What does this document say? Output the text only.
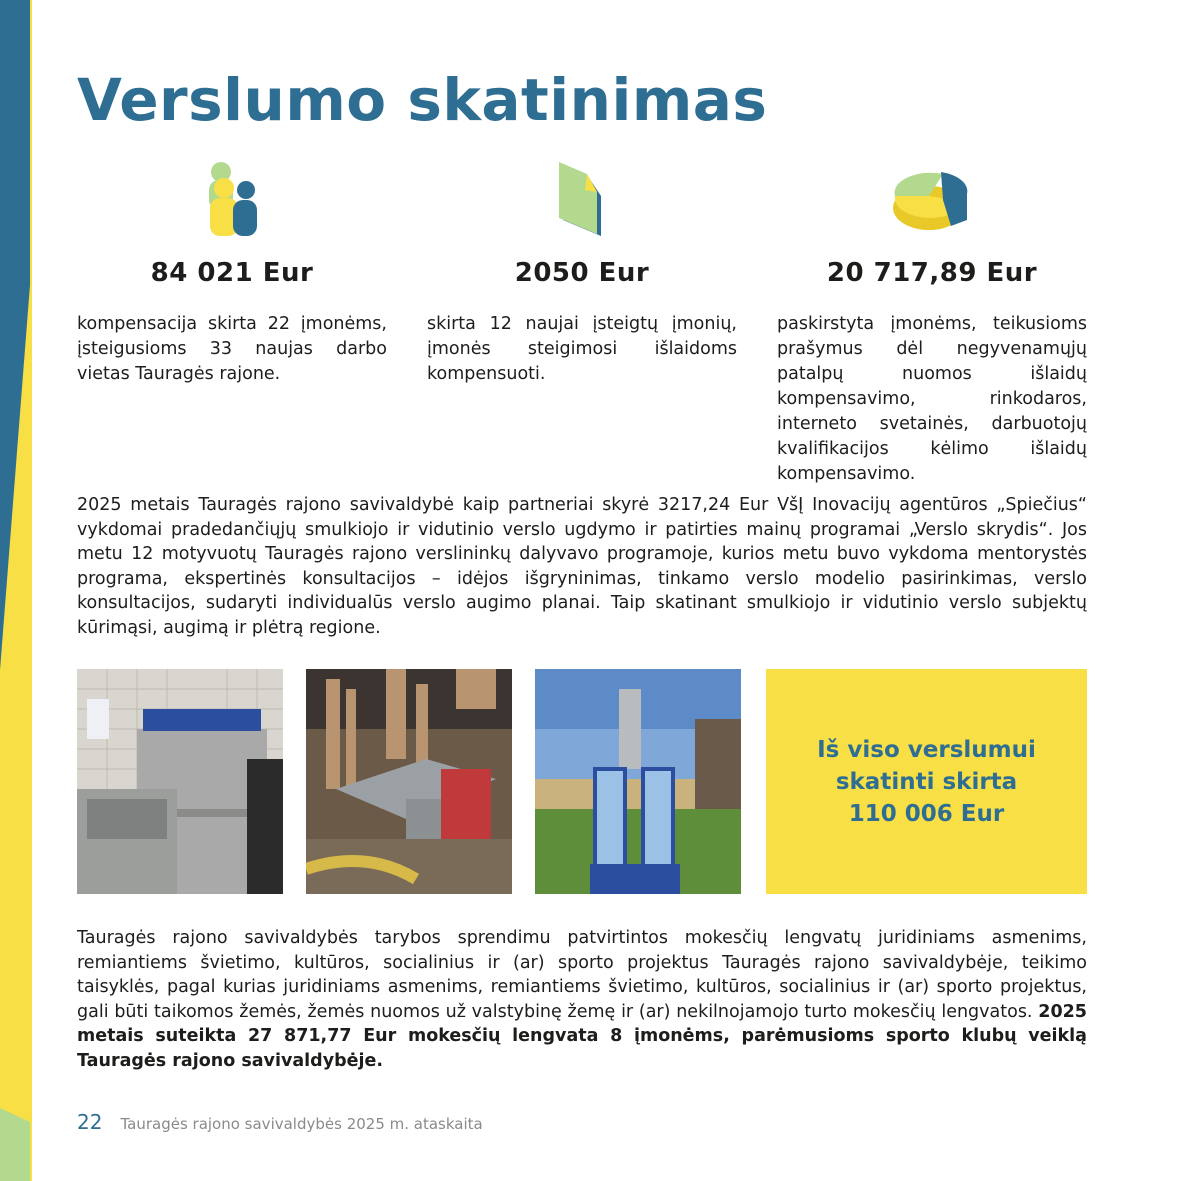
Verslumo skatinimas
84 021 Eur
kompensacija skirta 22 įmonėms, įsteigusioms 33 naujas darbo vietas Tauragės rajone.
2050 Eur
skirta 12 naujai įsteigtų įmonių, įmonės steigimosi išlaidoms kompensuoti.
20 717,89 Eur
paskirstyta įmonėms, teikusioms prašymus dėl negyvenamųjų patalpų nuomos išlaidų kompensavimo, rinkodaros, interneto svetainės, darbuotojų kvalifikacijos kėlimo išlaidų kompensavimo.

2025 metais Tauragės rajono savivaldybė kaip partneriai skyrė 3217,24 Eur VšĮ Inovacijų agentūros „Spiečius“ vykdomai pradedančiųjų smulkiojo ir vidutinio verslo ugdymo ir patirties mainų programai „Verslo skrydis“. Jos metu 12 motyvuotų Tauragės rajono verslininkų dalyvavo programoje, kurios metu buvo vykdoma mentorystės programa, ekspertinės konsultacijos – idėjos išgryninimas, tinkamo verslo modelio pasirinkimas, verslo konsultacijos, sudaryti individualūs verslo augimo planai. Taip skatinant smulkiojo ir vidutinio verslo subjektų kūrimąsi, augimą ir plėtrą regione.

Iš viso verslumui
skatinti skirta
110 006 Eur

Tauragės rajono savivaldybės tarybos sprendimu patvirtintos mokesčių lengvatų juridiniams asmenims, remiantiems švietimo, kultūros, socialinius ir (ar) sporto projektus Tauragės rajono savivaldybėje, teikimo taisyklės, pagal kurias juridiniams asmenims, remiantiems švietimo, kultūros, socialinius ir (ar) sporto projektus, gali būti taikomos žemės, žemės nuomos už valstybinę žemę ir (ar) nekilnojamojo turto mokesčių lengvatos. 2025 metais suteikta 27 871,77 Eur mokesčių lengvata 8 įmonėms, parėmusioms sporto klubų veiklą Tauragės rajono savivaldybėje.

22 Tauragės rajono savivaldybės 2025 m. ataskaita
